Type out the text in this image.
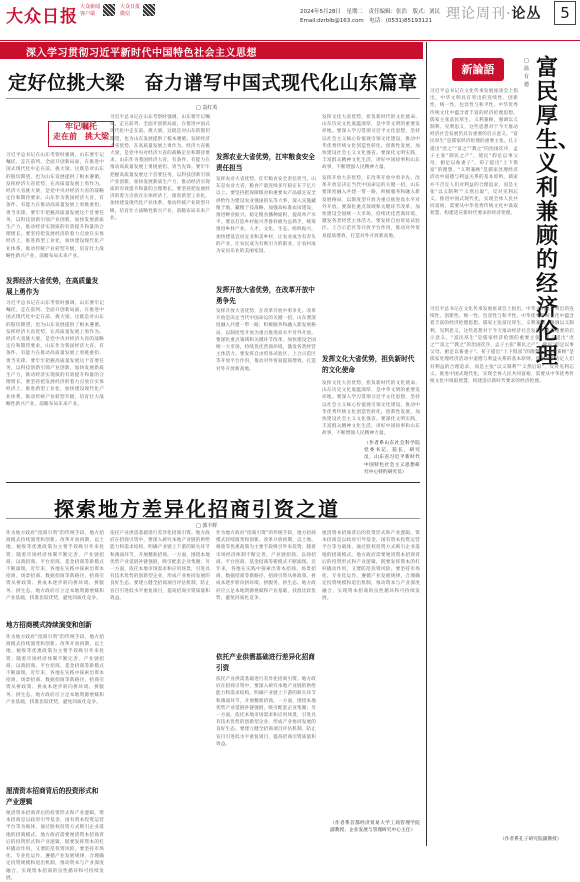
大众日报 大众新闻
客户端
大众日报
微信	2024年5月28日　星期二　责任编辑：张浩　版式：刘民
Email:dzrblb@163.com　电话：(0531)85193121 理论周刊·论丛	5
深入学习贯彻习近平新时代中国特色社会主义思想
定好位挑大梁　奋力谱写中国式现代化山东篇章
□ 袁红英
牢记嘱托
走在前　挑大梁
习近平总书记在山东考察时强调，山东要牢记嘱托、走在前列、全面开创新局面，在推进中国式现代化中走在前、挑大梁。这既是对山东的殷切期望，也为山东发展提供了根本遵循。发挥经济大省优势，在高质量发展上勇作为。经济大省挑大梁，是党中央对经济大省的战略定位和期待要求。山东作为我国经济大省，有条件、有能力在推动高质量发展上勇挑重担、勇当先锋。要牢牢把握高质量发展这个首要任务，以科技创新引领产业创新，加快发展新质生产力，推动经济实现质的有效提升和量的合理增长。要坚持把发展经济的着力点放在实体经济上，推进新型工业化，加快建设现代化产业体系，推动传统产业转型升级，培育壮大战略性新兴产业，前瞻布局未来产业。
发挥经济大省优势，在高质量发展上勇作为
习近平总书记在山东考察时强调，山东要牢记嘱托、走在前列、全面开创新局面，在推进中国式现代化中走在前、挑大梁。这既是对山东的殷切期望，也为山东发展提供了根本遵循。发挥经济大省优势，在高质量发展上勇作为。经济大省挑大梁，是党中央对经济大省的战略定位和期待要求。山东作为我国经济大省，有条件、有能力在推动高质量发展上勇挑重担、勇当先锋。要牢牢把握高质量发展这个首要任务，以科技创新引领产业创新，加快发展新质生产力，推动经济实现质的有效提升和量的合理增长。要坚持把发展经济的着力点放在实体经济上，推进新型工业化，加快建设现代化产业体系，推动传统产业转型升级，培育壮大战略性新兴产业，前瞻布局未来产业。
习近平总书记在山东考察时强调，山东要牢记嘱托、走在前列、全面开创新局面，在推进中国式现代化中走在前、挑大梁。这既是对山东的殷切期望，也为山东发展提供了根本遵循。发挥经济大省优势，在高质量发展上勇作为。经济大省挑大梁，是党中央对经济大省的战略定位和期待要求。山东作为我国经济大省，有条件、有能力在推动高质量发展上勇挑重担、勇当先锋。要牢牢把握高质量发展这个首要任务，以科技创新引领产业创新，加快发展新质生产力，推动经济实现质的有效提升和量的合理增长。要坚持把发展经济的着力点放在实体经济上，推进新型工业化，加快建设现代化产业体系，推动传统产业转型升级，培育壮大战略性新兴产业，前瞻布局未来产业。
发挥农业大省优势，扛牢粮食安全责任担当
发挥农业大省优势，扛牢粮食安全责任担当。山东是农业大省，粮食产量连续多年稳定在千亿斤以上。要坚持把保障粮食和重要农产品稳定安全供给作为建设农业强国的头等大事，深入实施藏粮于地、藏粮于技战略，加强高标准农田建设，推进种业振兴，稳定粮食播种面积，提高单产水平。要以打造乡村振兴齐鲁样板为总抓手，统筹推进乡村产业、人才、文化、生态、组织振兴，加快建设宜居宜业和美乡村，让农业成为有奔头的产业，让农民成为有吸引力的职业，让农村成为安居乐业的美丽家园。
发挥开放大省优势，在改革开放中勇争先
发挥开放大省优势，在改革开放中勇争先。改革开放是决定当代中国命运的关键一招。山东要深度融入共建一带一路，积极服务和融入新发展格局，以制度型开放为重点推进高水平对外开放。要深化重点领域和关键环节改革，加快建设全国统一大市场，持续优化营商环境，激发各类经营主体活力。要发挥自由贸易试验区、上合示范区等开放平台作用，推动对外贸易提质增效，打造对外开放新高地。
发挥文化大省优势，担负新时代的文化使命。山东历史文化底蕴深厚，是中华文明的重要发祥地。要深入学习贯彻习近平文化思想，坚持以社会主义核心价值观引领文化建设，推动中华优秀传统文化创造性转化、创新性发展，加快建设社会主义文化强省。要深化文明实践，丰富群众精神文化生活，讲好中国故事和山东故事，不断增强人民精神力量。
发挥开放大省优势，在改革开放中勇争先。改革开放是决定当代中国命运的关键一招。山东要深度融入共建一带一路，积极服务和融入新发展格局，以制度型开放为重点推进高水平对外开放。要深化重点领域和关键环节改革，加快建设全国统一大市场，持续优化营商环境，激发各类经营主体活力。要发挥自由贸易试验区、上合示范区等开放平台作用，推动对外贸易提质增效，打造对外开放新高地。
发挥文化大省优势，担负新时代的文化使命
发挥文化大省优势，担负新时代的文化使命。山东历史文化底蕴深厚，是中华文明的重要发祥地。要深入学习贯彻习近平文化思想，坚持以社会主义核心价值观引领文化建设，推动中华优秀传统文化创造性转化、创新性发展，加快建设社会主义文化强省。要深化文明实践，丰富群众精神文化生活，讲好中国故事和山东故事，不断增强人民精神力量。
（作者系山东社会科学院党委书记、院长，研究员，山东省习近平新时代中国特色社会主义思想研究中心特约研究员）
探索地方差异化招商引资之道
□ 郭丰晖
作为地方政府“招商引资”的传统手段，地方招商模式持续演变和创新。改革开放初期，以土地、税收等优惠政策为主要手段吸引外来投资；随着市场经济体制不断完善，产业链招商、以商招商、平台招商、基金招商等新模式不断涌现。近年来，各地在实践中探索出资本招商、场景招商、数据招商等新路径，招商引资从拼政策、拼成本逐步转向拼环境、拼服务、拼生态。地方政府应立足本地资源禀赋和产业基础，找准比较优势，避免同质化竞争。
地方招商模式持续演变和创新
作为地方政府“招商引资”的传统手段，地方招商模式持续演变和创新。改革开放初期，以土地、税收等优惠政策为主要手段吸引外来投资；随着市场经济体制不断完善，产业链招商、以商招商、平台招商、基金招商等新模式不断涌现。近年来，各地在实践中探索出资本招商、场景招商、数据招商等新路径，招商引资从拼政策、拼成本逐步转向拼环境、拼服务、拼生态。地方政府应立足本地资源禀赋和产业基础，找准比较优势，避免同质化竞争。
厘清资本招商背后的投资形式和产业逻辑
厘清资本招商背后的投资形式和产业逻辑。资本招商是以政府引导基金、国有资本投资运营平台等为载体，通过股权投资方式吸引企业落地的招商模式。地方政府需要厘清资本招商背后的投资形式和产业逻辑，既要发挥资本的杠杆撬动作用，又要防范投资风险。要坚持市场化、专业化运作，遵循产业发展规律，合理确定投资规模和退出机制，推动资本与产业深度融合，实现资本招商的良性循环和可持续发展。
依托产业供需基础进行差异化招商引资。地方政府在招商引资中，要深入研究本地产业链的供给能力和需求结构，明确产业链上下游的缺失环节和薄弱环节，开展精准招商。一方面，围绕本地优势产业延链补链强链，吸引配套企业集聚；另一方面，依托本地市场需求和应用场景，引进具有技术优势的创新型企业，形成产业协同发展的良好生态。要建立健全招商项目评估机制，防止盲目引进低水平重复项目，提高招商引资质量和效益。
作为地方政府“招商引资”的传统手段，地方招商模式持续演变和创新。改革开放初期，以土地、税收等优惠政策为主要手段吸引外来投资；随着市场经济体制不断完善，产业链招商、以商招商、平台招商、基金招商等新模式不断涌现。近年来，各地在实践中探索出资本招商、场景招商、数据招商等新路径，招商引资从拼政策、拼成本逐步转向拼环境、拼服务、拼生态。地方政府应立足本地资源禀赋和产业基础，找准比较优势，避免同质化竞争。
依托产业供需基础进行差异化招商引资
依托产业供需基础进行差异化招商引资。地方政府在招商引资中，要深入研究本地产业链的供给能力和需求结构，明确产业链上下游的缺失环节和薄弱环节，开展精准招商。一方面，围绕本地优势产业延链补链强链，吸引配套企业集聚；另一方面，依托本地市场需求和应用场景，引进具有技术优势的创新型企业，形成产业协同发展的良好生态。要建立健全招商项目评估机制，防止盲目引进低水平重复项目，提高招商引资质量和效益。
厘清资本招商背后的投资形式和产业逻辑。资本招商是以政府引导基金、国有资本投资运营平台等为载体，通过股权投资方式吸引企业落地的招商模式。地方政府需要厘清资本招商背后的投资形式和产业逻辑，既要发挥资本的杠杆撬动作用，又要防范投资风险。要坚持市场化、专业化运作，遵循产业发展规律，合理确定投资规模和退出机制，推动资本与产业深度融合，实现资本招商的良性循环和可持续发展。
（作者系首都经济贸易大学工商管理学院副教授、企业发展与管理研究中心主任）
新論語	富民厚生、义利兼顾的经济伦理
□ 温有德
习近平总书记在文化传承发展座谈会上指出，中华文明具有突出的连续性、创新性、统一性、包容性与和平性。中华优秀传统文化中蕴含着丰富的经济伦理思想。儒家主张富民厚生、义利兼顾，强调以义制利、见利思义，这些思想对于今天推动经济社会发展仍具有重要的启示意义。“富民厚生”是儒家经济伦理的重要主张。孔子提出“庶之”“富之”“教之”的治国次序，孟子主张“制民之产”，使民“仰足以事父母，俯足以畜妻子”。荀子提出“上下俱富”的理想。“义利兼顾”是儒家处理经济活动中道德与利益关系的基本原则。儒家并不否定人们对利益的合理追求，而是主张“以义制利”“义然后取”，反对见利忘义。推进中国式现代化，实现全体人民共同富裕，需要从中华优秀传统文化中汲取智慧，构建适应新时代要求的经济伦理。
习近平总书记在文化传承发展座谈会上指出，中华文明具有突出的连续性、创新性、统一性、包容性与和平性。中华优秀传统文化中蕴含着丰富的经济伦理思想。儒家主张富民厚生、义利兼顾，强调以义制利、见利思义，这些思想对于今天推动经济社会发展仍具有重要的启示意义。“富民厚生”是儒家经济伦理的重要主张。孔子提出“庶之”“富之”“教之”的治国次序，孟子主张“制民之产”，使民“仰足以事父母，俯足以畜妻子”。荀子提出“上下俱富”的理想。“义利兼顾”是儒家处理经济活动中道德与利益关系的基本原则。儒家并不否定人们对利益的合理追求，而是主张“以义制利”“义然后取”，反对见利忘义。推进中国式现代化，实现全体人民共同富裕，需要从中华优秀传统文化中汲取智慧，构建适应新时代要求的经济伦理。
（作者系孔子研究院副教授）
